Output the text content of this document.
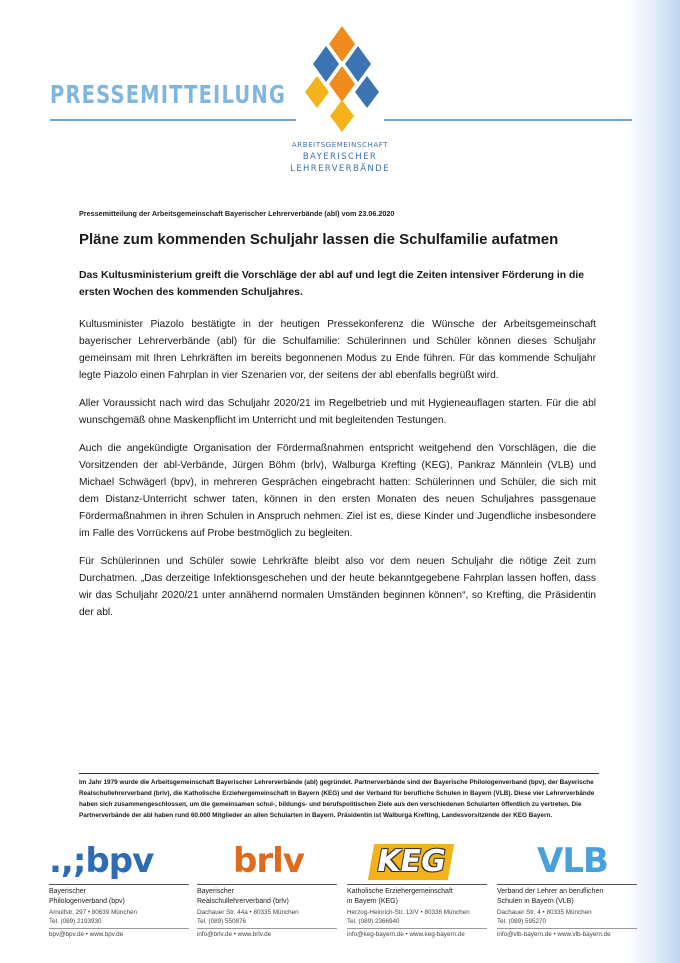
PRESSEMITTEILUNG
ARBEITSGEMEINSCHAFT
BAYERISCHER
LEHRERVERBÄNDE
Pressemitteilung der Arbeitsgemeinschaft Bayerischer Lehrerverbände (abl) vom 23.06.2020
Pläne zum kommenden Schuljahr lassen die Schulfamilie aufatmen
Das Kultusministerium greift die Vorschläge der abl auf und legt die Zeiten intensiver Förderung in die ersten Wochen des kommenden Schuljahres.

Kultusminister Piazolo bestätigte in der heutigen Pressekonferenz die Wünsche der Arbeitsgemeinschaft bayerischer Lehrerverbände (abl) für die Schulfamilie: Schülerinnen und Schüler können dieses Schuljahr gemeinsam mit Ihren Lehrkräften im bereits begonnenen Modus zu Ende führen. Für das kommende Schuljahr legte Piazolo einen Fahrplan in vier Szenarien vor, der seitens der abl ebenfalls begrüßt wird.

Aller Voraussicht nach wird das Schuljahr 2020/21 im Regelbetrieb und mit Hygieneauflagen starten. Für die abl wunschgemäß ohne Maskenpflicht im Unterricht und mit begleitenden Testungen.

Auch die angekündigte Organisation der Fördermaßnahmen entspricht weitgehend den Vorschlägen, die die Vorsitzenden der abl-Verbände, Jürgen Böhm (brlv), Walburga Krefting (KEG), Pankraz Männlein (VLB) und Michael Schwägerl (bpv), in mehreren Gesprächen eingebracht hatten: Schülerinnen und Schüler, die sich mit dem Distanz-Unterricht schwer taten, können in den ersten Monaten des neuen Schuljahres passgenaue Fördermaßnahmen in ihren Schulen in Anspruch nehmen. Ziel ist es, diese Kinder und Jugendliche insbesondere im Falle des Vorrückens auf Probe bestmöglich zu begleiten.

Für Schülerinnen und Schüler sowie Lehrkräfte bleibt also vor dem neuen Schuljahr die nötige Zeit zum Durchatmen. „Das derzeitige Infektionsgeschehen und der heute bekanntgegebene Fahrplan lassen hoffen, dass wir das Schuljahr 2020/21 unter annähernd normalen Umständen beginnen können“, so Krefting, die Präsidentin der abl.

Im Jahr 1979 wurde die Arbeitsgemeinschaft Bayerischer Lehrerverbände (abl) gegründet. Partnerverbände sind der Bayerische Philologenverband (bpv), der Bayerische Realschullehrerverband (brlv), die Katholische Erziehergemeinschaft in Bayern (KEG) und der Verband für berufliche Schulen in Bayern (VLB). Diese vier Lehrerverbände haben sich zusammengeschlossen, um die gemeinsamen schul-, bildungs- und berufspolitischen Ziele aus den verschiedenen Schularten öffentlich zu vertreten. Die Partnerverbände der abl haben rund 60.000 Mitglieder an allen Schularten in Bayern. Präsidentin ist Walburga Krefting, Landesvorsitzende der KEG Bayern.
.,;bpv
Bayerischer
Philologenverband (bpv)
Arnulfstr. 297 • 80639 München
Tel. (089) 2193930
bpv@bpv.de • www.bpv.de
brlv
Bayerischer
Realschullehrerverband (brlv)
Dachauer Str. 44a • 80335 München
Tel. (089) 550876
info@brlv.de • www.brlv.de
KEG
Katholische Erziehergemeinschaft
in Bayern (KEG)
Herzog-Heinrich-Str. 13/V • 80336 München
Tel. (089) 2366940
info@keg-bayern.de • www.keg-bayern.de
VLB
Verband der Lehrer an beruflichen
Schulen in Bayern (VLB)
Dachauer Str. 4 • 80335 München
Tel. (089) 595270
info@vlb-bayern.de • www.vlb-bayern.de
